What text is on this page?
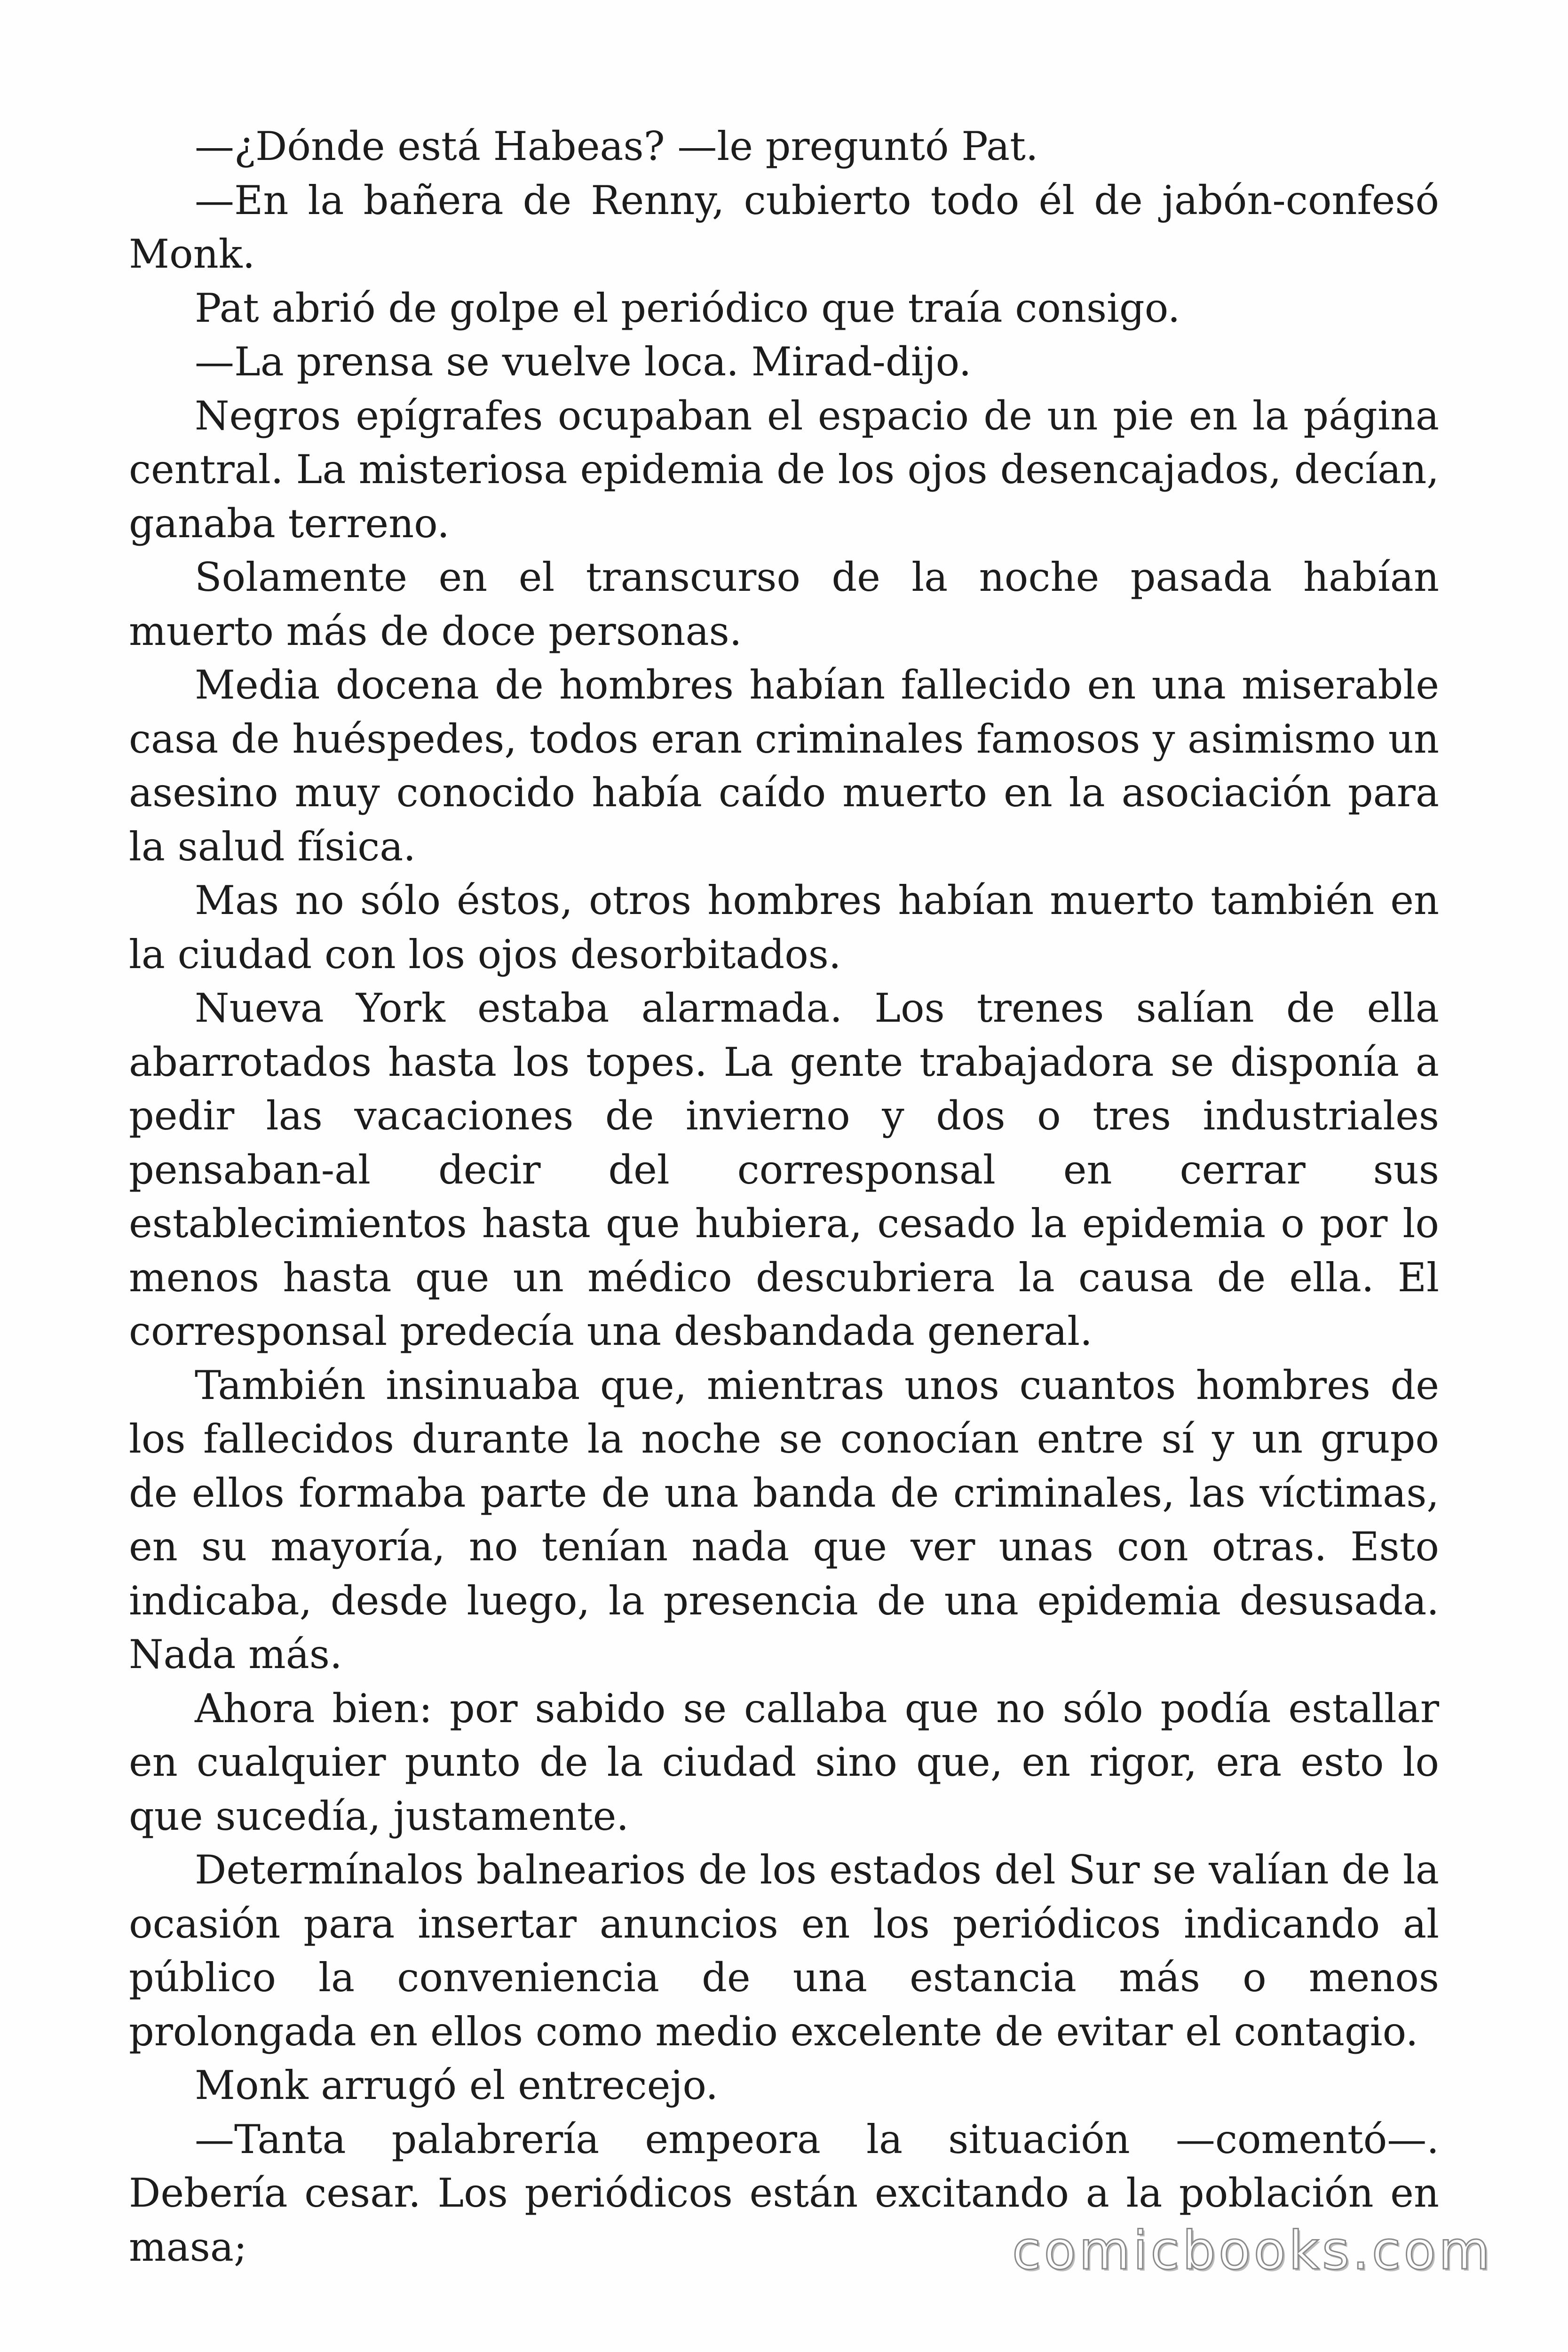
—¿Dónde está Habeas? —le preguntó Pat.

—En la bañera de Renny, cubierto todo él de jabón-confesó Monk.

Pat abrió de golpe el periódico que traía consigo.

—La prensa se vuelve loca. Mirad-dijo.

Negros epígrafes ocupaban el espacio de un pie en la página central. La misteriosa epidemia de los ojos desencajados, decían, ganaba terreno.

Solamente en el transcurso de la noche pasada habían muerto más de doce personas.

Media docena de hombres habían fallecido en una miserable casa de huéspedes, todos eran criminales famosos y asimismo un asesino muy conocido había caído muerto en la asociación para la salud física.

Mas no sólo éstos, otros hombres habían muerto también en la ciudad con los ojos desorbitados.

Nueva York estaba alarmada. Los trenes salían de ella abarrotados hasta los topes. La gente trabajadora se disponía a pedir las vacaciones de invierno y dos o tres industriales pensaban-al decir del corresponsal en cerrar sus establecimientos hasta que hubiera, cesado la epidemia o por lo menos hasta que un médico descubriera la causa de ella. El corresponsal predecía una desbandada general.

También insinuaba que, mientras unos cuantos hombres de los fallecidos durante la noche se conocían entre sí y un grupo de ellos formaba parte de una banda de criminales, las víctimas, en su mayoría, no tenían nada que ver unas con otras. Esto indicaba, desde luego, la presencia de una epidemia desusada. Nada más.

Ahora bien: por sabido se callaba que no sólo podía estallar en cualquier punto de la ciudad sino que, en rigor, era esto lo que sucedía, justamente.

Determínalos balnearios de los estados del Sur se valían de la ocasión para insertar anuncios en los periódicos indicando al público la conveniencia de una estancia más o menos prolongada en ellos como medio excelente de evitar el contagio.

Monk arrugó el entrecejo.

—Tanta palabrería empeora la situación —comentó—. Debería cesar. Los periódicos están excitando a la población en masa;	comicbooks.com
